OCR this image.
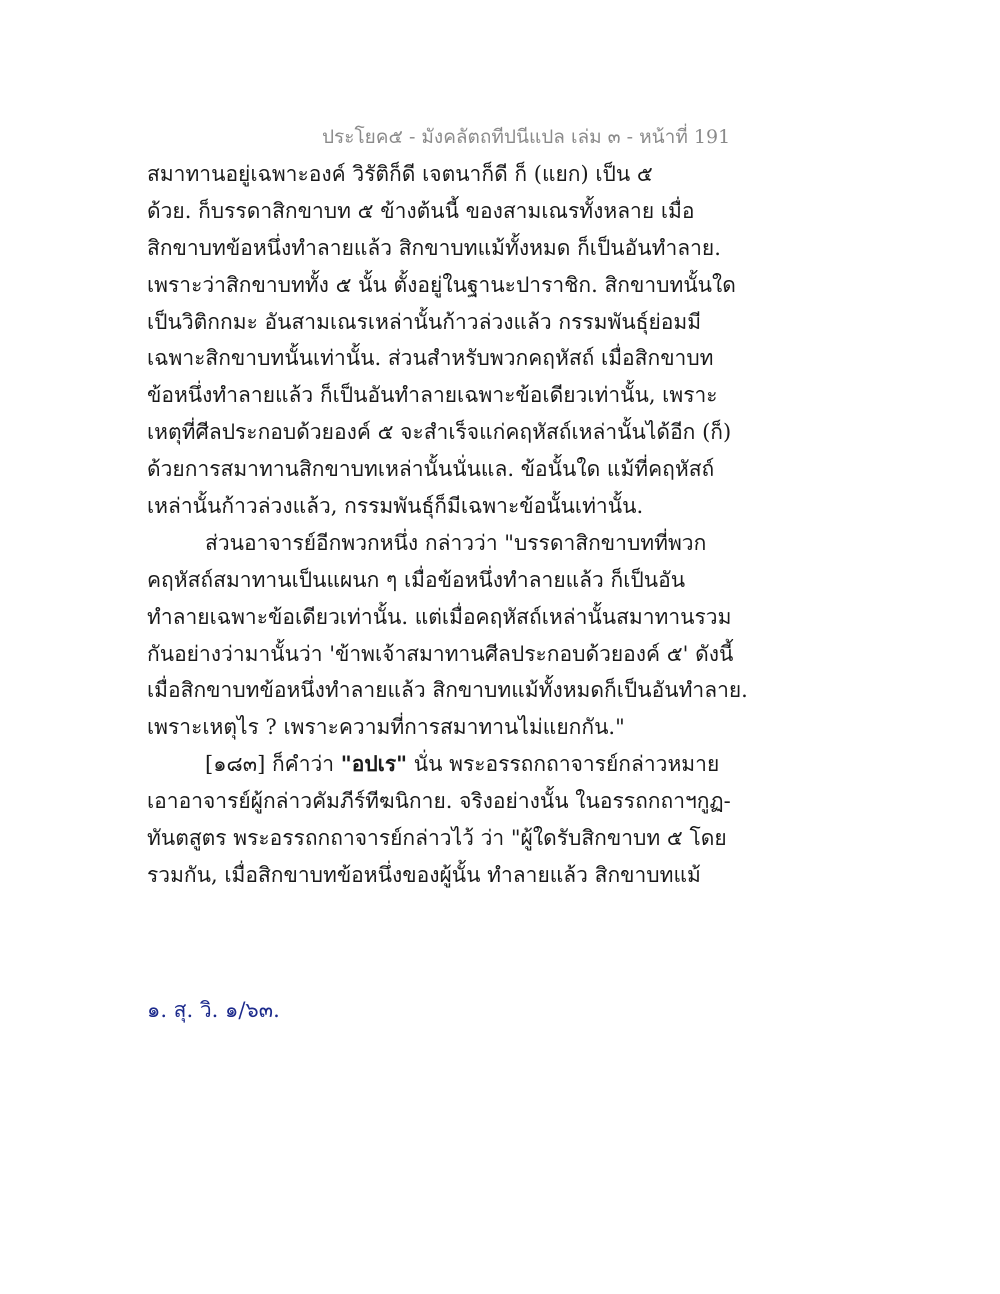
ประโยค๕ - มังคลัตถทีปนีแปล เล่ม ๓ - หน้าที่ 191
สมาทานอยู่เฉพาะองค์ วิรัติก็ดี เจตนาก็ดี ก็ (แยก) เป็น ๕
ด้วย. ก็บรรดาสิกขาบท ๕ ข้างต้นนี้ ของสามเณรทั้งหลาย เมื่อ
สิกขาบทข้อหนึ่งทำลายแล้ว สิกขาบทแม้ทั้งหมด ก็เป็นอันทำลาย.
เพราะว่าสิกขาบททั้ง ๕ นั้น ตั้งอยู่ในฐานะปาราชิก. สิกขาบทนั้นใด
เป็นวิติกกมะ อันสามเณรเหล่านั้นก้าวล่วงแล้ว กรรมพันธุ์ย่อมมี
เฉพาะสิกขาบทนั้นเท่านั้น. ส่วนสำหรับพวกคฤหัสถ์ เมื่อสิกขาบท
ข้อหนึ่งทำลายแล้ว ก็เป็นอันทำลายเฉพาะข้อเดียวเท่านั้น, เพราะ
เหตุที่ศีลประกอบด้วยองค์ ๕ จะสำเร็จแก่คฤหัสถ์เหล่านั้นได้อีก (ก็)
ด้วยการสมาทานสิกขาบทเหล่านั้นนั่นแล. ข้อนั้นใด แม้ที่คฤหัสถ์
เหล่านั้นก้าวล่วงแล้ว, กรรมพันธุ์ก็มีเฉพาะข้อนั้นเท่านั้น.
ส่วนอาจารย์อีกพวกหนึ่ง กล่าวว่า "บรรดาสิกขาบทที่พวก
คฤหัสถ์สมาทานเป็นแผนก ๆ เมื่อข้อหนึ่งทำลายแล้ว ก็เป็นอัน
ทำลายเฉพาะข้อเดียวเท่านั้น. แต่เมื่อคฤหัสถ์เหล่านั้นสมาทานรวม
กันอย่างว่ามานั้นว่า 'ข้าพเจ้าสมาทานศีลประกอบด้วยองค์ ๕' ดังนี้
เมื่อสิกขาบทข้อหนึ่งทำลายแล้ว สิกขาบทแม้ทั้งหมดก็เป็นอันทำลาย.
เพราะเหตุไร ? เพราะความที่การสมาทานไม่แยกกัน."
[๑๘๓] ก็คำว่า "อปเร" นั่น พระอรรถกถาจารย์กล่าวหมาย
เอาอาจารย์ผู้กล่าวคัมภีร์ทีฆนิกาย. จริงอย่างนั้น ในอรรถกถาฯกูฏ-
ทันตสูตร พระอรรถกถาจารย์กล่าวไว้ ว่า "ผู้ใดรับสิกขาบท ๕ โดย
รวมกัน, เมื่อสิกขาบทข้อหนึ่งของผู้นั้น ทำลายแล้ว สิกขาบทแม้
๑. สุ. วิ. ๑/๖๓.
